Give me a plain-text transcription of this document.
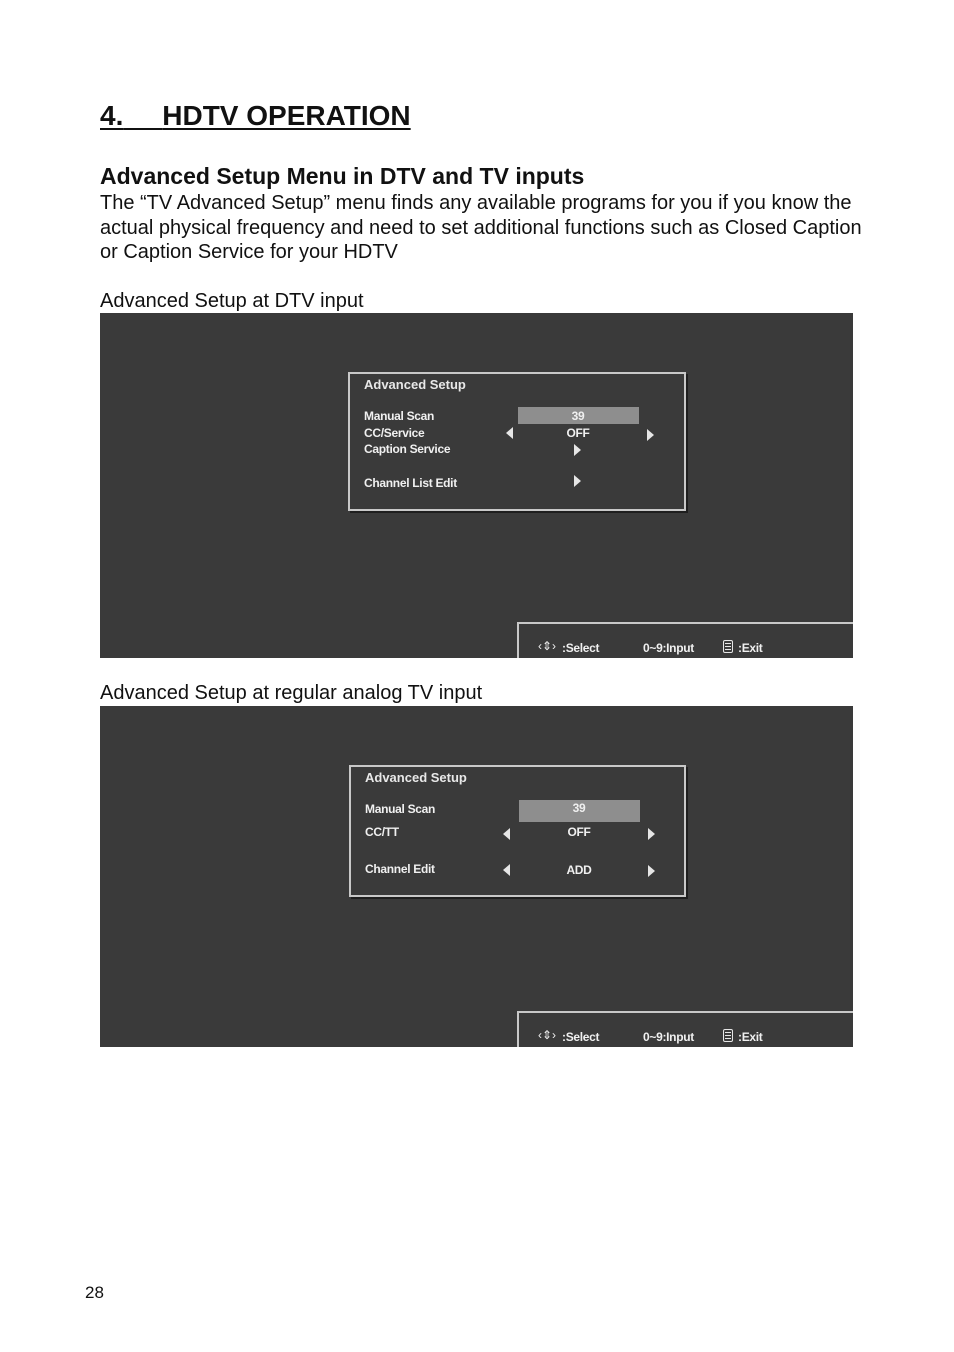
4. HDTV OPERATION
Advanced Setup Menu in DTV and TV inputs
The “TV Advanced Setup” menu finds any available programs for you if you know the actual physical frequency and need to set additional functions such as Closed Caption or Caption Service for your HDTV
Advanced Setup at DTV input
Advanced Setup
Manual Scan	39
CC/Service	OFF
Caption Service
Channel List Edit
‹⇕› :Select	0~9:Input	:Exit
Advanced Setup at regular analog TV input
Advanced Setup
Manual Scan	39
CC/TT	OFF
Channel Edit	ADD
‹⇕› :Select	0~9:Input	:Exit
28
